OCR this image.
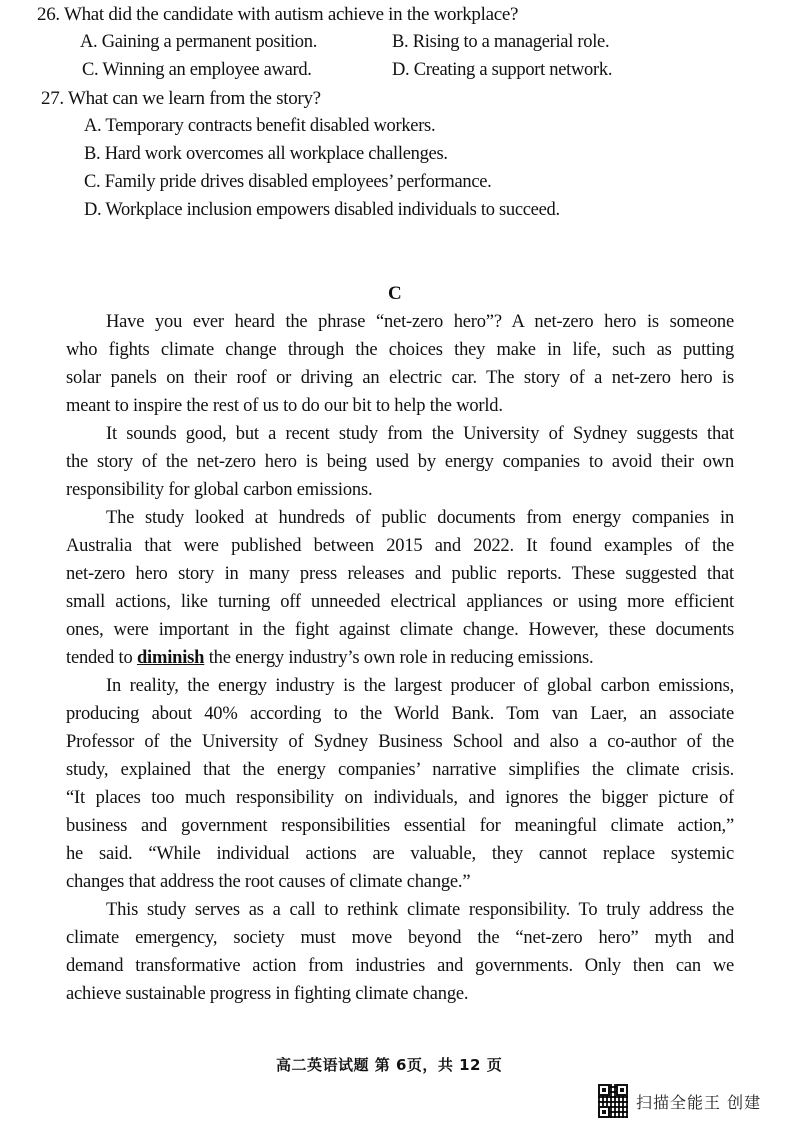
26. What did the candidate with autism achieve in the workplace?
A. Gaining a permanent position.	B. Rising to a managerial role.
C. Winning an employee award.	D. Creating a support network.
27. What can we learn from the story?
A. Temporary contracts benefit disabled workers.
B. Hard work overcomes all workplace challenges.
C. Family pride drives disabled employees’ performance.
D. Workplace inclusion empowers disabled individuals to succeed.
C
Have you ever heard the phrase “net-zero hero”? A net-zero hero is someone
who fights climate change through the choices they make in life, such as putting
solar panels on their roof or driving an electric car. The story of a net-zero hero is
meant to inspire the rest of us to do our bit to help the world.
It sounds good, but a recent study from the University of Sydney suggests that
the story of the net-zero hero is being used by energy companies to avoid their own
responsibility for global carbon emissions.
The study looked at hundreds of public documents from energy companies in
Australia that were published between 2015 and 2022. It found examples of the
net-zero hero story in many press releases and public reports. These suggested that
small actions, like turning off unneeded electrical appliances or using more efficient
ones, were important in the fight against climate change. However, these documents
tended to diminish the energy industry’s own role in reducing emissions.
In reality, the energy industry is the largest producer of global carbon emissions,
producing about 40% according to the World Bank. Tom van Laer, an associate
Professor of the University of Sydney Business School and also a co-author of the
study, explained that the energy companies’ narrative simplifies the climate crisis.
“It places too much responsibility on individuals, and ignores the bigger picture of
business and government responsibilities essential for meaningful climate action,”
he said. “While individual actions are valuable, they cannot replace systemic
changes that address the root causes of climate change.”
This study serves as a call to rethink climate responsibility. To truly address the
climate emergency, society must move beyond the “net-zero hero” myth and
demand transformative action from industries and governments. Only then can we
achieve sustainable progress in fighting climate change.
高二英语试题 第 6页，共 12 页
扫描全能王 创建
